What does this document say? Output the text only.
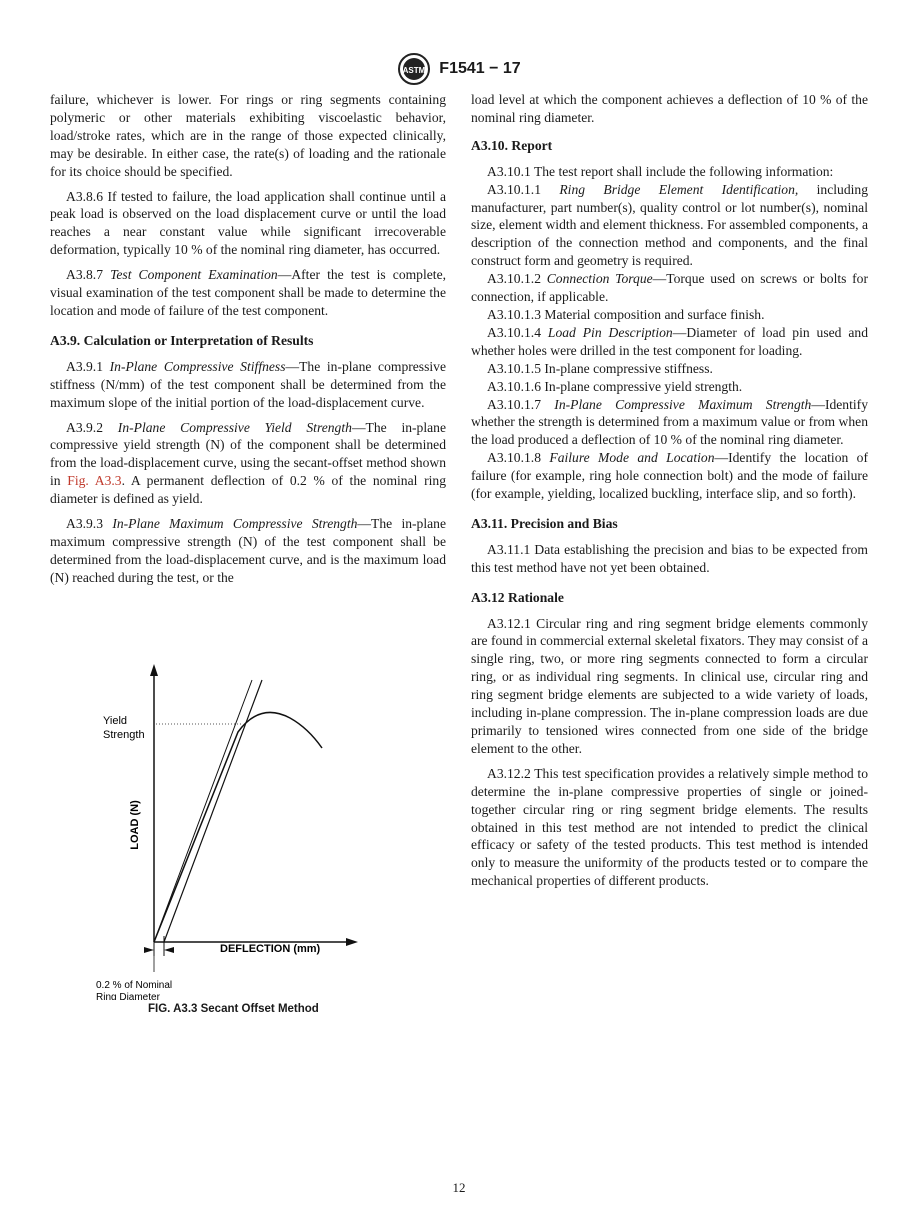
ASTM F1541 − 17

failure, whichever is lower. For rings or ring segments containing polymeric or other materials exhibiting viscoelastic behavior, load/stroke rates, which are in the range of those expected clinically, may be desirable. In either case, the rate(s) of loading and the rationale for its choice should be specified.

A3.8.6 If tested to failure, the load application shall continue until a peak load is observed on the load displacement curve or until the load reaches a near constant value while significant irrecoverable deformation, typically 10 % of the nominal ring diameter, has occurred.

A3.8.7 Test Component Examination—After the test is complete, visual examination of the test component shall be made to determine the location and mode of failure of the test component.

A3.9. Calculation or Interpretation of Results

A3.9.1 In-Plane Compressive Stiffness—The in-plane compressive stiffness (N/mm) of the test component shall be determined from the maximum slope of the initial portion of the load-displacement curve.

A3.9.2 In-Plane Compressive Yield Strength—The in-plane compressive yield strength (N) of the component shall be determined from the load-displacement curve, using the secant-offset method shown in Fig. A3.3. A permanent deflection of 0.2 % of the nominal ring diameter is defined as yield.

A3.9.3 In-Plane Maximum Compressive Strength—The in-plane maximum compressive strength (N) of the test component shall be determined from the load-displacement curve, and is the maximum load (N) reached during the test, or the

Yield
Strength
LOAD (N)
DEFLECTION (mm)
0.2 % of Nominal
Ring Diameter
FIG. A3.3 Secant Offset Method

load level at which the component achieves a deflection of 10 % of the nominal ring diameter.

A3.10. Report

A3.10.1 The test report shall include the following information:

A3.10.1.1 Ring Bridge Element Identification, including manufacturer, part number(s), quality control or lot number(s), nominal size, element width and element thickness. For assembled components, a description of the connection method and components, and the final construct form and geometry is required.

A3.10.1.2 Connection Torque—Torque used on screws or bolts for connection, if applicable.

A3.10.1.3 Material composition and surface finish.

A3.10.1.4 Load Pin Description—Diameter of load pin used and whether holes were drilled in the test component for loading.

A3.10.1.5 In-plane compressive stiffness.

A3.10.1.6 In-plane compressive yield strength.

A3.10.1.7 In-Plane Compressive Maximum Strength—Identify whether the strength is determined from a maximum value or from when the load produced a deflection of 10 % of the nominal ring diameter.

A3.10.1.8 Failure Mode and Location—Identify the location of failure (for example, ring hole connection bolt) and the mode of failure (for example, yielding, localized buckling, interface slip, and so forth).

A3.11. Precision and Bias

A3.11.1 Data establishing the precision and bias to be expected from this test method have not yet been obtained.

A3.12 Rationale

A3.12.1 Circular ring and ring segment bridge elements commonly are found in commercial external skeletal fixators. They may consist of a single ring, two, or more ring segments connected to form a circular ring, or as individual ring segments. In clinical use, circular ring and ring segment bridge elements are subjected to a wide variety of loads, including in-plane compression. The in-plane compression loads are due primarily to tensioned wires connected from one side of the bridge element to the other.

A3.12.2 This test specification provides a relatively simple method to determine the in-plane compressive properties of single or joined-together circular ring or ring segment bridge elements. The results obtained in this test method are not intended to predict the clinical efficacy or safety of the tested products. This test method is intended only to measure the uniformity of the products tested or to compare the mechanical properties of different products.

12
